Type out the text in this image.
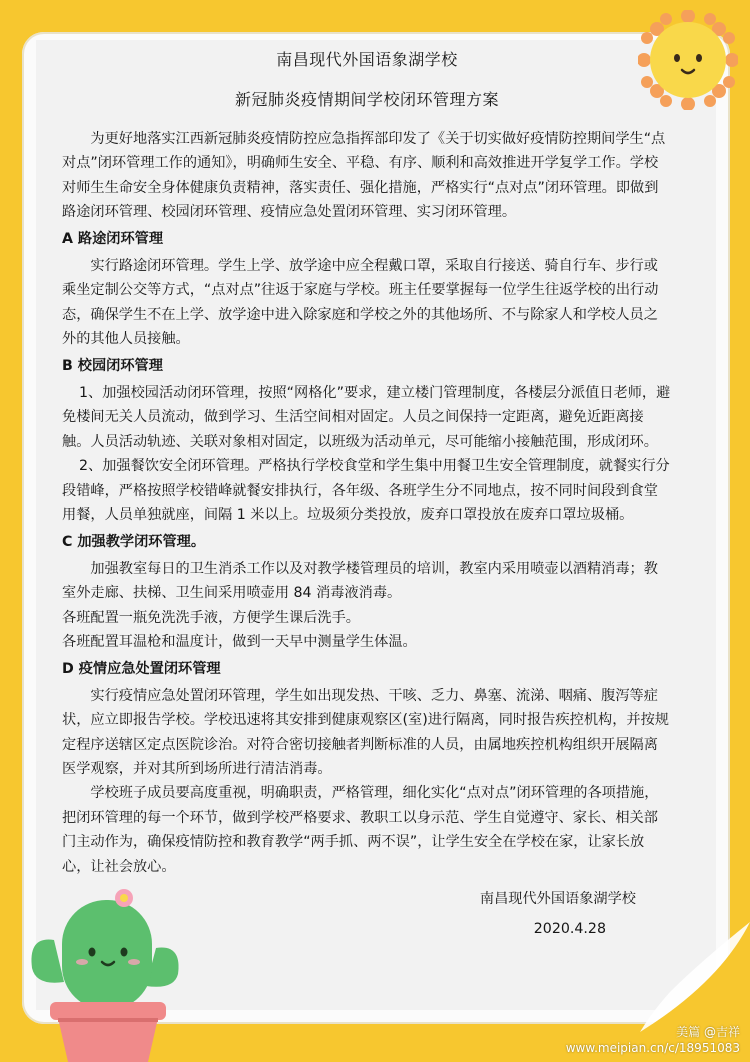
南昌现代外国语象湖学校

新冠肺炎疫情期间学校闭环管理方案

为更好地落实江西新冠肺炎疫情防控应急指挥部印发了《关于切实做好疫情防控期间学生“点对点”闭环管理工作的通知》，明确师生安全、平稳、有序、顺利和高效推进开学复学工作。学校对师生生命安全身体健康负责精神，落实责任、强化措施，严格实行“点对点”闭环管理。即做到路途闭环管理、校园闭环管理、疫情应急处置闭环管理、实习闭环管理。

A 路途闭环管理

实行路途闭环管理。学生上学、放学途中应全程戴口罩，采取自行接送、骑自行车、步行或乘坐定制公交等方式，“点对点”往返于家庭与学校。班主任要掌握每一位学生往返学校的出行动态，确保学生不在上学、放学途中进入除家庭和学校之外的其他场所、不与除家人和学校人员之外的其他人员接触。

B 校园闭环管理

1、加强校园活动闭环管理，按照“网格化”要求，建立楼门管理制度，各楼层分派值日老师，避免楼间无关人员流动，做到学习、生活空间相对固定。人员之间保持一定距离，避免近距离接触。人员活动轨迹、关联对象相对固定，以班级为活动单元，尽可能缩小接触范围，形成闭环。

2、加强餐饮安全闭环管理。严格执行学校食堂和学生集中用餐卫生安全管理制度，就餐实行分段错峰，严格按照学校错峰就餐安排执行，各年级、各班学生分不同地点，按不同时间段到食堂用餐，人员单独就座，间隔 1 米以上。垃圾须分类投放，废弃口罩投放在废弃口罩垃圾桶。

C 加强教学闭环管理。

加强教室每日的卫生消杀工作以及对教学楼管理员的培训，教室内采用喷壶以酒精消毒；教室外走廊、扶梯、卫生间采用喷壶用 84 消毒液消毒。

各班配置一瓶免洗洗手液，方便学生课后洗手。

各班配置耳温枪和温度计，做到一天早中测量学生体温。

D 疫情应急处置闭环管理

实行疫情应急处置闭环管理，学生如出现发热、干咳、乏力、鼻塞、流涕、咽痛、腹泻等症状，应立即报告学校。学校迅速将其安排到健康观察区(室)进行隔离，同时报告疾控机构，并按规定程序送辖区定点医院诊治。对符合密切接触者判断标准的人员，由属地疾控机构组织开展隔离医学观察，并对其所到场所进行清洁消毒。

学校班子成员要高度重视，明确职责，严格管理，细化实化“点对点”闭环管理的各项措施，把闭环管理的每一个环节，做到学校严格要求、教职工以身示范、学生自觉遵守、家长、相关部门主动作为，确保疫情防控和教育教学“两手抓、两不误”，让学生安全在学校在家，让家长放心，让社会放心。

南昌现代外国语象湖学校

2020.4.28

美篇 @吉祥
www.meipian.cn/c/18951083
